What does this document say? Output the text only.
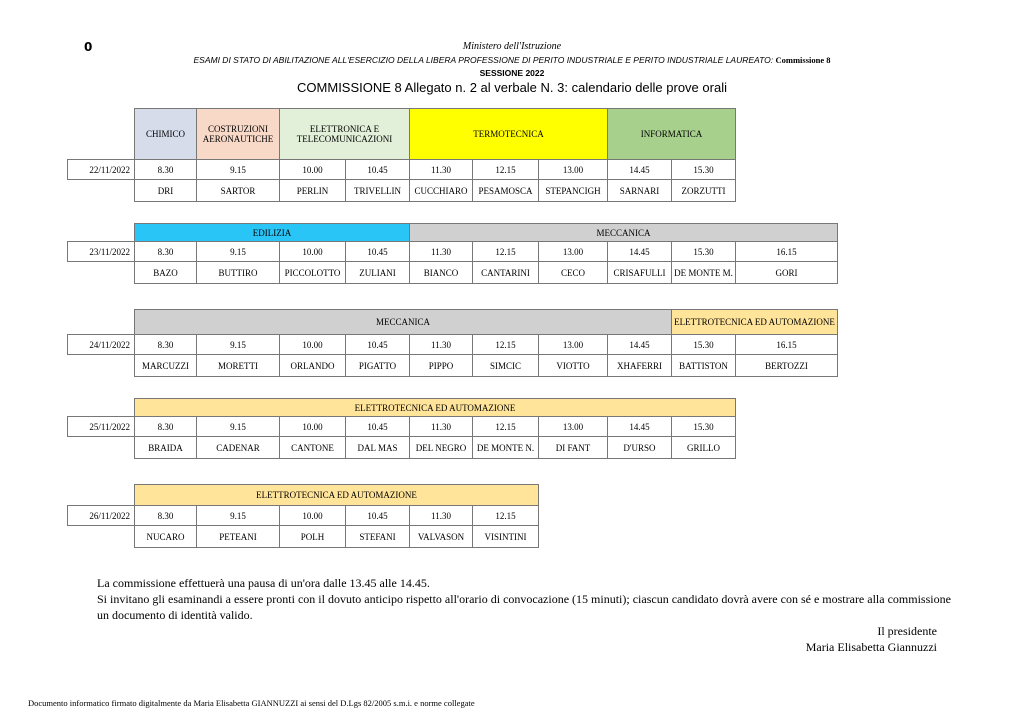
0	Ministero dell'Istruzione
ESAMI DI STATO DI ABILITAZIONE ALL'ESERCIZIO DELLA LIBERA PROFESSIONE DI PERITO INDUSTRIALE E PERITO INDUSTRIALE LAUREATO: Commissione 8
SESSIONE 2022
COMMISSIONE 8 Allegato n. 2 al verbale N. 3: calendario delle prove orali
	CHIMICO	COSTRUZIONI AERONAUTICHE	ELETTRONICA E TELECOMUNICAZIONI		TERMOTECNICA			INFORMATICA	
22/11/2022	8.30	9.15	10.00	10.45	11.30	12.15	13.00	14.45	15.30
	DRI	SARTOR	PERLIN	TRIVELLIN	CUCCHIARO	PESAMOSCA	STEPANCIGH	SARNARI	ZORZUTTI
	EDILIZIA				MECCANICA					
23/11/2022	8.30	9.15	10.00	10.45	11.30	12.15	13.00	14.45	15.30	16.15
	BAZO	BUTTIRO	PICCOLOTTO	ZULIANI	BIANCO	CANTARINI	CECO	CRISAFULLI	DE MONTE M.	GORI
	MECCANICA								ELETTROTECNICA ED AUTOMAZIONE	
24/11/2022	8.30	9.15	10.00	10.45	11.30	12.15	13.00	14.45	15.30	16.15
	MARCUZZI	MORETTI	ORLANDO	PIGATTO	PIPPO	SIMCIC	VIOTTO	XHAFERRI	BATTISTON	BERTOZZI
	ELETTROTECNICA ED AUTOMAZIONE								
25/11/2022	8.30	9.15	10.00	10.45	11.30	12.15	13.00	14.45	15.30
	BRAIDA	CADENAR	CANTONE	DAL MAS	DEL NEGRO	DE MONTE N.	DI FANT	D'URSO	GRILLO
	ELETTROTECNICA ED AUTOMAZIONE					
26/11/2022	8.30	9.15	10.00	10.45	11.30	12.15
	NUCARO	PETEANI	POLH	STEFANI	VALVASON	VISINTINI
La commissione effettuerà una pausa di un'ora dalle 13.45 alle 14.45.
Si invitano gli esaminandi a essere pronti con il dovuto anticipo rispetto all'orario di convocazione (15 minuti); ciascun candidato dovrà avere con sé e mostrare alla commissione un documento di identità valido.
Il presidente
Maria Elisabetta Giannuzzi
Documento informatico firmato digitalmente da Maria Elisabetta GIANNUZZI ai sensi del D.Lgs 82/2005 s.m.i. e norme collegate
